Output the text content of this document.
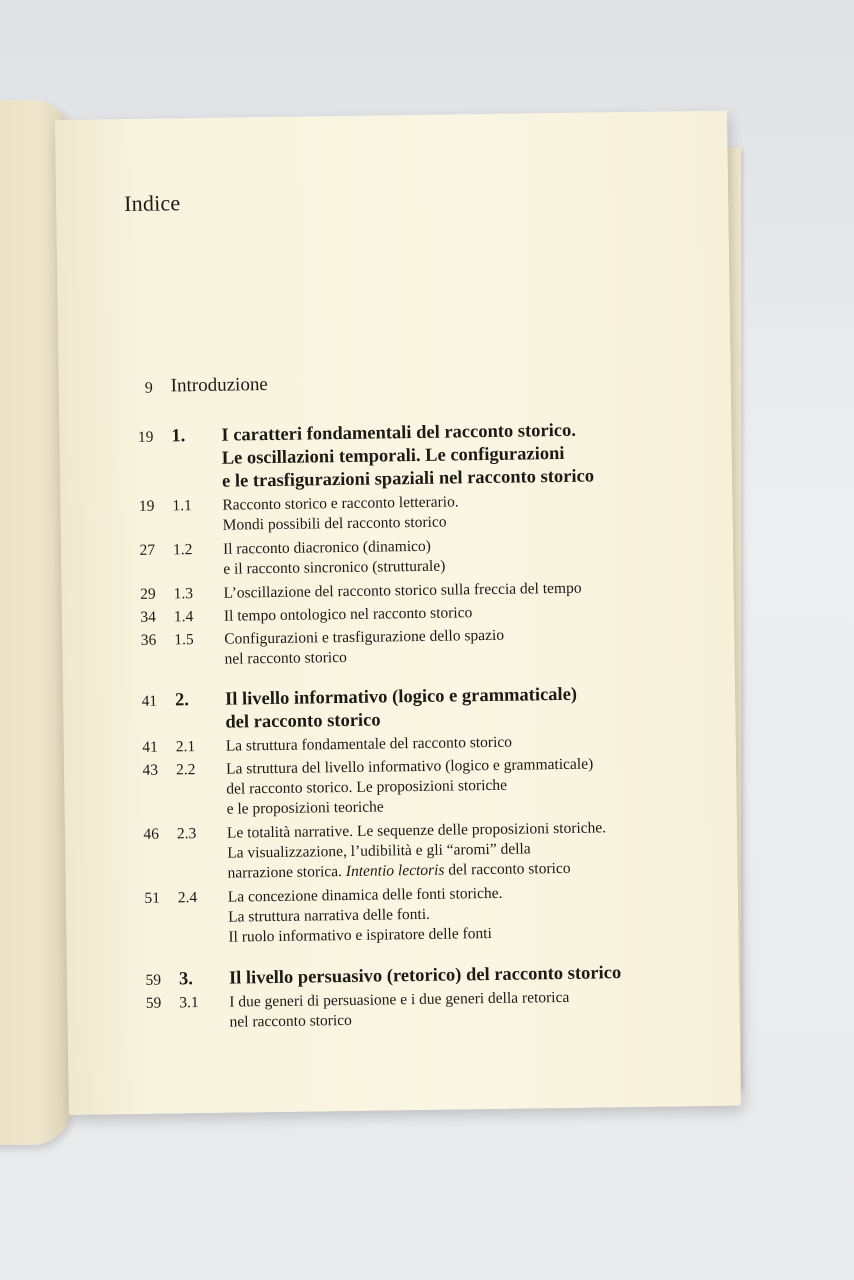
Indice
9 Introduzione
19 1. I caratteri fondamentali del racconto storico.
Le oscillazioni temporali. Le configurazioni
e le trasfigurazioni spaziali nel racconto storico
19 1.1 Racconto storico e racconto letterario.
Mondi possibili del racconto storico
27 1.2 Il racconto diacronico (dinamico)
e il racconto sincronico (strutturale)
29 1.3 L’oscillazione del racconto storico sulla freccia del tempo
34 1.4 Il tempo ontologico nel racconto storico
36 1.5 Configurazioni e trasfigurazione dello spazio
nel racconto storico
41 2. Il livello informativo (logico e grammaticale)
del racconto storico
41 2.1 La struttura fondamentale del racconto storico
43 2.2 La struttura del livello informativo (logico e grammaticale)
del racconto storico. Le proposizioni storiche
e le proposizioni teoriche
46 2.3 Le totalità narrative. Le sequenze delle proposizioni storiche.
La visualizzazione, l’udibilità e gli “aromi” della
narrazione storica. Intentio lectoris del racconto storico
51 2.4 La concezione dinamica delle fonti storiche.
La struttura narrativa delle fonti.
Il ruolo informativo e ispiratore delle fonti
59 3. Il livello persuasivo (retorico) del racconto storico
59 3.1 I due generi di persuasione e i due generi della retorica
nel racconto storico
